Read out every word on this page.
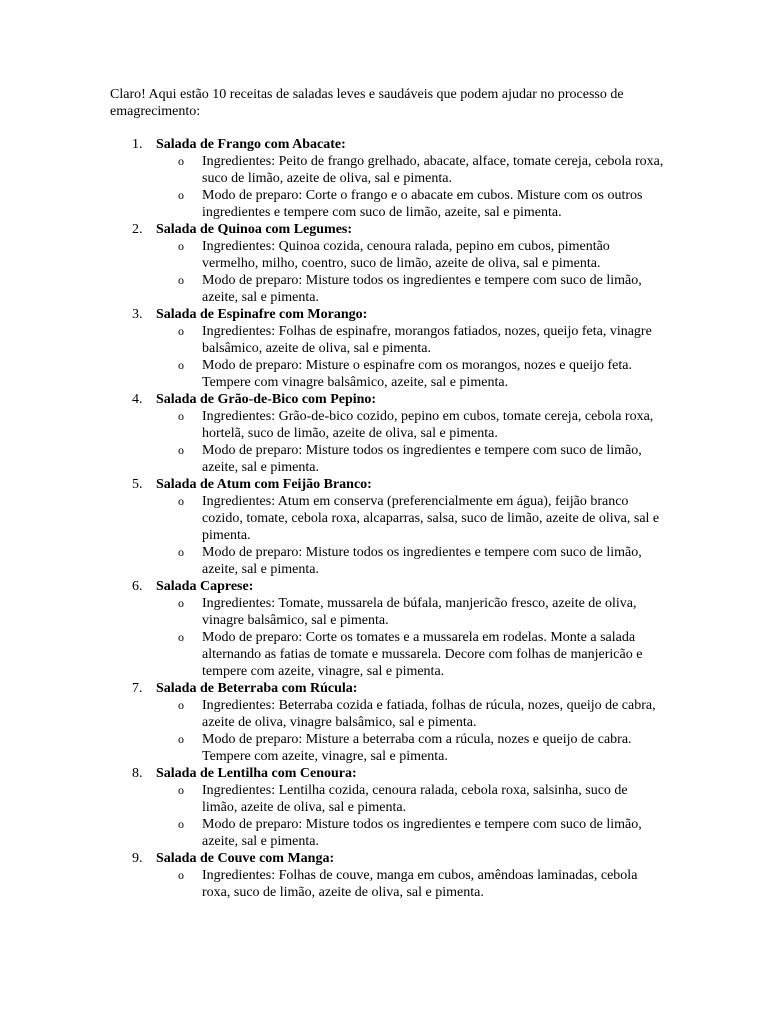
Claro! Aqui estão 10 receitas de saladas leves e saudáveis que podem ajudar no processo de emagrecimento:

1. Salada de Frango com Abacate:
o Ingredientes: Peito de frango grelhado, abacate, alface, tomate cereja, cebola roxa, suco de limão, azeite de oliva, sal e pimenta.
o Modo de preparo: Corte o frango e o abacate em cubos. Misture com os outros ingredientes e tempere com suco de limão, azeite, sal e pimenta.
2. Salada de Quinoa com Legumes:
o Ingredientes: Quinoa cozida, cenoura ralada, pepino em cubos, pimentão vermelho, milho, coentro, suco de limão, azeite de oliva, sal e pimenta.
o Modo de preparo: Misture todos os ingredientes e tempere com suco de limão, azeite, sal e pimenta.
3. Salada de Espinafre com Morango:
o Ingredientes: Folhas de espinafre, morangos fatiados, nozes, queijo feta, vinagre balsâmico, azeite de oliva, sal e pimenta.
o Modo de preparo: Misture o espinafre com os morangos, nozes e queijo feta. Tempere com vinagre balsâmico, azeite, sal e pimenta.
4. Salada de Grão-de-Bico com Pepino:
o Ingredientes: Grão-de-bico cozido, pepino em cubos, tomate cereja, cebola roxa, hortelã, suco de limão, azeite de oliva, sal e pimenta.
o Modo de preparo: Misture todos os ingredientes e tempere com suco de limão, azeite, sal e pimenta.
5. Salada de Atum com Feijão Branco:
o Ingredientes: Atum em conserva (preferencialmente em água), feijão branco cozido, tomate, cebola roxa, alcaparras, salsa, suco de limão, azeite de oliva, sal e pimenta.
o Modo de preparo: Misture todos os ingredientes e tempere com suco de limão, azeite, sal e pimenta.
6. Salada Caprese:
o Ingredientes: Tomate, mussarela de búfala, manjericão fresco, azeite de oliva, vinagre balsâmico, sal e pimenta.
o Modo de preparo: Corte os tomates e a mussarela em rodelas. Monte a salada alternando as fatias de tomate e mussarela. Decore com folhas de manjericão e tempere com azeite, vinagre, sal e pimenta.
7. Salada de Beterraba com Rúcula:
o Ingredientes: Beterraba cozida e fatiada, folhas de rúcula, nozes, queijo de cabra, azeite de oliva, vinagre balsâmico, sal e pimenta.
o Modo de preparo: Misture a beterraba com a rúcula, nozes e queijo de cabra. Tempere com azeite, vinagre, sal e pimenta.
8. Salada de Lentilha com Cenoura:
o Ingredientes: Lentilha cozida, cenoura ralada, cebola roxa, salsinha, suco de limão, azeite de oliva, sal e pimenta.
o Modo de preparo: Misture todos os ingredientes e tempere com suco de limão, azeite, sal e pimenta.
9. Salada de Couve com Manga:
o Ingredientes: Folhas de couve, manga em cubos, amêndoas laminadas, cebola roxa, suco de limão, azeite de oliva, sal e pimenta.
